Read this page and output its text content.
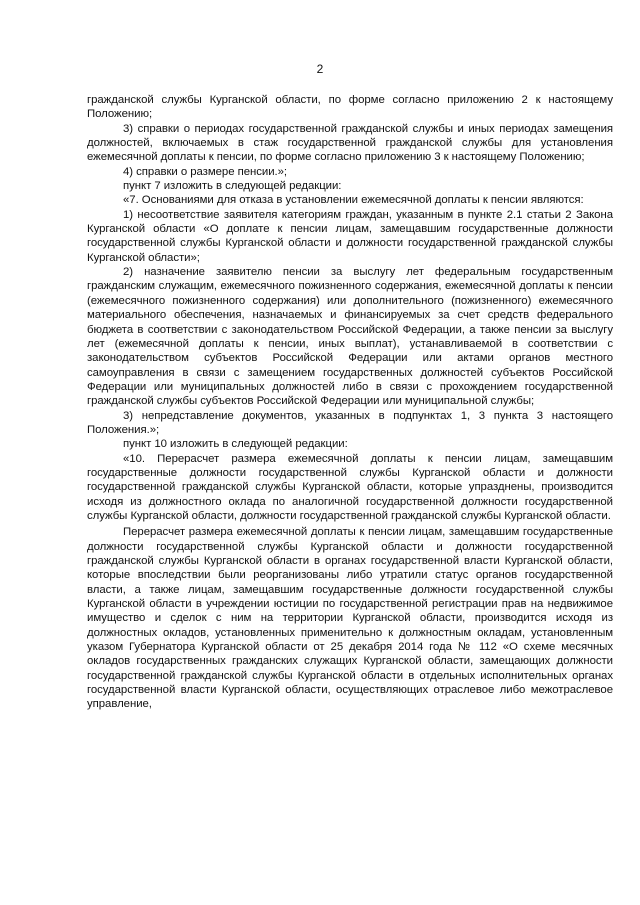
2

гражданской службы Курганской области, по форме согласно приложению 2 к настоящему Положению;

3) справки о периодах государственной гражданской службы и иных периодах замещения должностей, включаемых в стаж государственной гражданской службы для установления ежемесячной доплаты к пенсии, по форме согласно приложению 3 к настоящему Положению;

4) справки о размере пенсии.»;

пункт 7 изложить в следующей редакции:

«7. Основаниями для отказа в установлении ежемесячной доплаты к пенсии являются:

1) несоответствие заявителя категориям граждан, указанным в пункте 2.1 статьи 2 Закона Курганской области «О доплате к пенсии лицам, замещавшим государственные должности государственной службы Курганской области и должности государственной гражданской службы Курганской области»;

2) назначение заявителю пенсии за выслугу лет федеральным государственным гражданским служащим, ежемесячного пожизненного содержания, ежемесячной доплаты к пенсии (ежемесячного пожизненного содержания) или дополнительного (пожизненного) ежемесячного материального обеспечения, назначаемых и финансируемых за счет средств федерального бюджета в соответствии с законодательством Российской Федерации, а также пенсии за выслугу лет (ежемесячной доплаты к пенсии, иных выплат), устанавливаемой в соответствии с законодательством субъектов Российской Федерации или актами органов местного самоуправления в связи с замещением государственных должностей субъектов Российской Федерации или муниципальных должностей либо в связи с прохождением государственной гражданской службы субъектов Российской Федерации или муниципальной службы;

3) непредставление документов, указанных в подпунктах 1, 3 пункта 3 настоящего Положения.»;

пункт 10 изложить в следующей редакции:

«10. Перерасчет размера ежемесячной доплаты к пенсии лицам, замещавшим государственные должности государственной службы Курганской области и должности государственной гражданской службы Курганской области, которые упразднены, производится исходя из должностного оклада по аналогичной государственной должности государственной службы Курганской области, должности государственной гражданской службы Курганской области.

Перерасчет размера ежемесячной доплаты к пенсии лицам, замещавшим государственные должности государственной службы Курганской области и должности государственной гражданской службы Курганской области в органах государственной власти Курганской области, которые впоследствии были реорганизованы либо утратили статус органов государственной власти, а также лицам, замещавшим государственные должности государственной службы Курганской области в учреждении юстиции по государственной регистрации прав на недвижимое имущество и сделок с ним на территории Курганской области, производится исходя из должностных окладов, установленных применительно к должностным окладам, установленным указом Губернатора Курганской области от 25 декабря 2014 года № 112 «О схеме месячных окладов государственных гражданских служащих Курганской области, замещающих должности государственной гражданской службы Курганской области в отдельных исполнительных органах государственной власти Курганской области, осуществляющих отраслевое либо межотраслевое управление,
